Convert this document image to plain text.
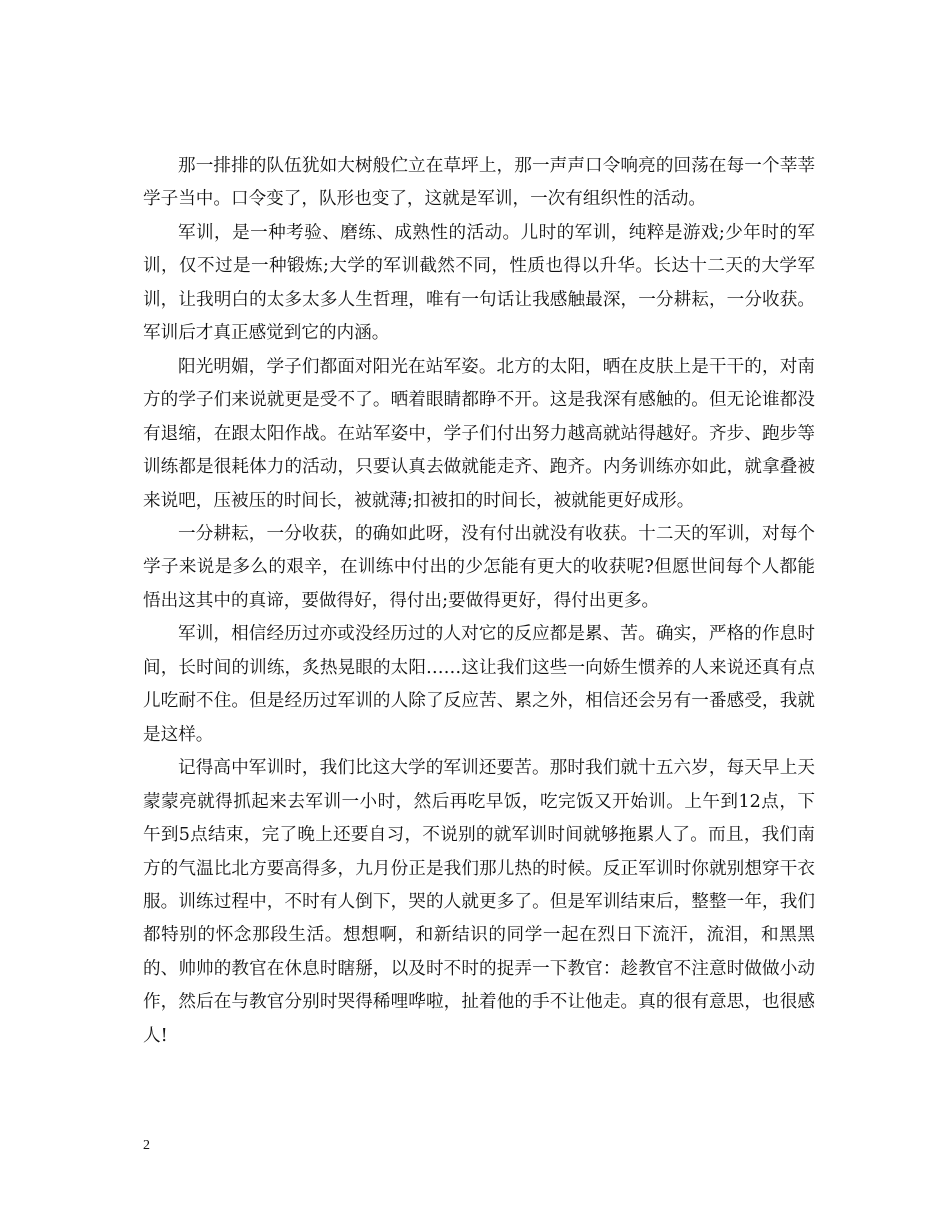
那一排排的队伍犹如大树般伫立在草坪上，那一声声口令响亮的回荡在每一个莘莘学子当中。口令变了，队形也变了，这就是军训，一次有组织性的活动。

军训，是一种考验、磨练、成熟性的活动。儿时的军训，纯粹是游戏;少年时的军训，仅不过是一种锻炼;大学的军训截然不同，性质也得以升华。长达十二天的大学军训，让我明白的太多太多人生哲理，唯有一句话让我感触最深，一分耕耘，一分收获。军训后才真正感觉到它的内涵。

阳光明媚，学子们都面对阳光在站军姿。北方的太阳，晒在皮肤上是干干的，对南方的学子们来说就更是受不了。晒着眼睛都睁不开。这是我深有感触的。但无论谁都没有退缩，在跟太阳作战。在站军姿中，学子们付出努力越高就站得越好。齐步、跑步等训练都是很耗体力的活动，只要认真去做就能走齐、跑齐。内务训练亦如此，就拿叠被来说吧，压被压的时间长，被就薄;扣被扣的时间长，被就能更好成形。

一分耕耘，一分收获，的确如此呀，没有付出就没有收获。十二天的军训，对每个学子来说是多么的艰辛，在训练中付出的少怎能有更大的收获呢?但愿世间每个人都能悟出这其中的真谛，要做得好，得付出;要做得更好，得付出更多。

军训，相信经历过亦或没经历过的人对它的反应都是累、苦。确实，严格的作息时间，长时间的训练，炙热晃眼的太阳……这让我们这些一向娇生惯养的人来说还真有点儿吃耐不住。但是经历过军训的人除了反应苦、累之外，相信还会另有一番感受，我就是这样。

记得高中军训时，我们比这大学的军训还要苦。那时我们就十五六岁，每天早上天蒙蒙亮就得抓起来去军训一小时，然后再吃早饭，吃完饭又开始训。上午到12点，下午到5点结束，完了晚上还要自习，不说别的就军训时间就够拖累人了。而且，我们南方的气温比北方要高得多，九月份正是我们那儿热的时候。反正军训时你就别想穿干衣服。训练过程中，不时有人倒下，哭的人就更多了。但是军训结束后，整整一年，我们都特别的怀念那段生活。想想啊，和新结识的同学一起在烈日下流汗，流泪，和黑黑的、帅帅的教官在休息时瞎掰，以及时不时的捉弄一下教官：趁教官不注意时做做小动作，然后在与教官分别时哭得稀哩哗啦，扯着他的手不让他走。真的很有意思，也很感人!

2
